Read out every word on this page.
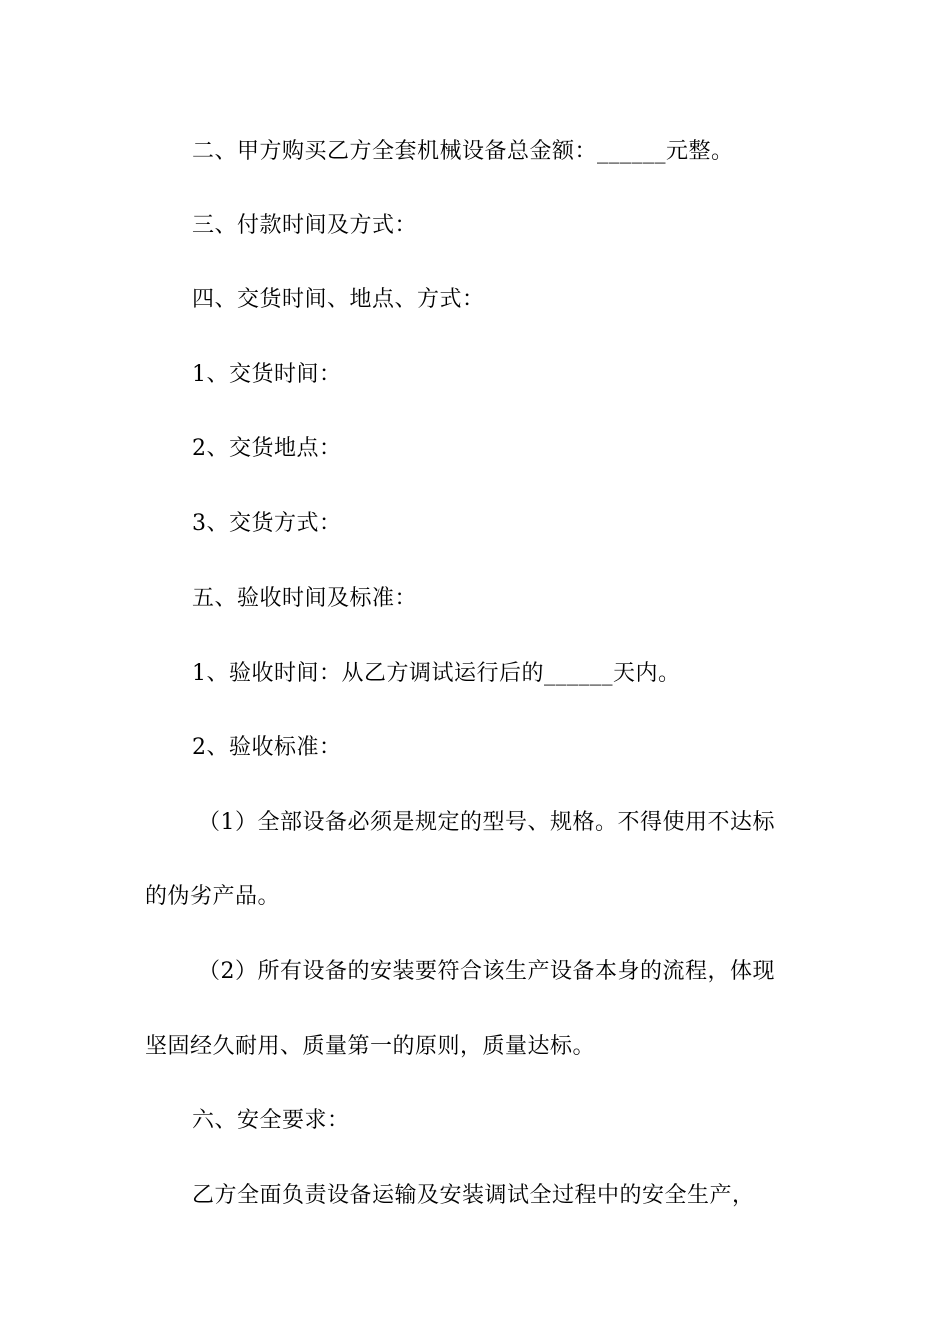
二、甲方购买乙方全套机械设备总金额：______元整。
三、付款时间及方式：
四、交货时间、地点、方式：
1、交货时间：
2、交货地点：
3、交货方式：
五、验收时间及标准：
1、验收时间：从乙方调试运行后的______天内。
2、验收标准：
（1）全部设备必须是规定的型号、规格。不得使用不达标
的伪劣产品。
（2）所有设备的安装要符合该生产设备本身的流程，体现
坚固经久耐用、质量第一的原则，质量达标。
六、安全要求：
乙方全面负责设备运输及安装调试全过程中的安全生产，
